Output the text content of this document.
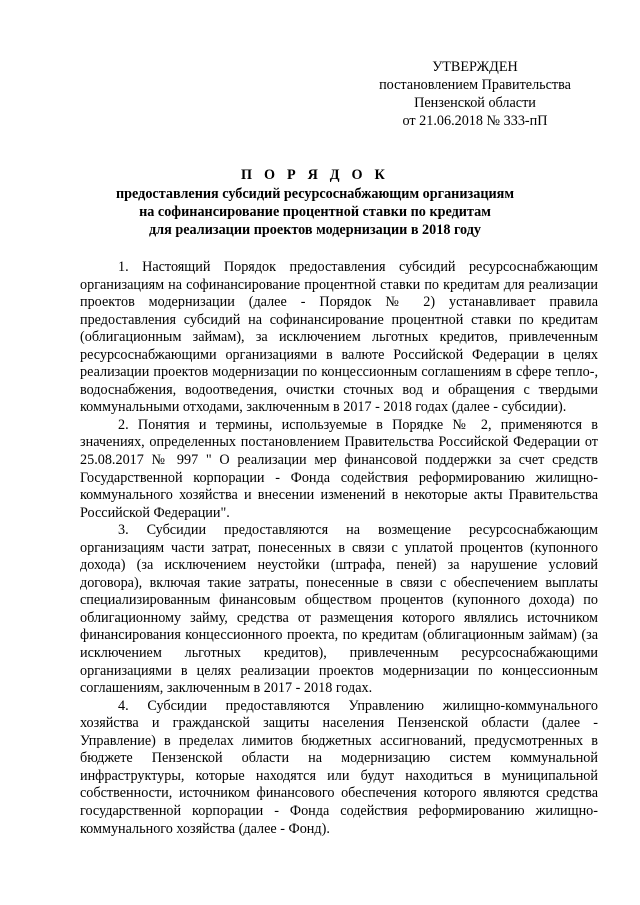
УТВЕРЖДЕН
постановлением Правительства
Пензенской области
от 21.06.2018 № 333-пП
П О Р Я Д О К
предоставления субсидий ресурсоснабжающим организациям
на софинансирование процентной ставки по кредитам
для реализации проектов модернизации в 2018 году

1. Настоящий Порядок предоставления субсидий ресурсоснабжающим организациям на софинансирование процентной ставки по кредитам для реализации проектов модернизации (далее - Порядок № 2) устанавливает правила предоставления субсидий на софинансирование процентной ставки по кредитам (облигационным займам), за исключением льготных кредитов, привлеченным ресурсоснабжающими организациями в валюте Российской Федерации в целях реализации проектов модернизации по концессионным соглашениям в сфере тепло-, водоснабжения, водоотведения, очистки сточных вод и обращения с твердыми коммунальными отходами, заключенным в 2017 - 2018 годах (далее - субсидии).

2. Понятия и термины, используемые в Порядке № 2, применяются в значениях, определенных постановлением Правительства Российской Федерации от 25.08.2017 № 997 " О реализации мер финансовой поддержки за счет средств Государственной корпорации - Фонда содействия реформированию жилищно-коммунального хозяйства и внесении изменений в некоторые акты Правительства Российской Федерации".

3. Субсидии предоставляются на возмещение ресурсоснабжающим организациям части затрат, понесенных в связи с уплатой процентов (купонного дохода) (за исключением неустойки (штрафа, пеней) за нарушение условий договора), включая такие затраты, понесенные в связи с обеспечением выплаты специализированным финансовым обществом процентов (купонного дохода) по облигационному займу, средства от размещения которого являлись источником финансирования концессионного проекта, по кредитам (облигационным займам) (за исключением льготных кредитов), привлеченным ресурсоснабжающими организациями в целях реализации проектов модернизации по концессионным соглашениям, заключенным в 2017 - 2018 годах.

4. Субсидии предоставляются Управлению жилищно-коммунального хозяйства и гражданской защиты населения Пензенской области (далее - Управление) в пределах лимитов бюджетных ассигнований, предусмотренных в бюджете Пензенской области на модернизацию систем коммунальной инфраструктуры, которые находятся или будут находиться в муниципальной собственности, источником финансового обеспечения которого являются средства государственной корпорации - Фонда содействия реформированию жилищно-коммунального хозяйства (далее - Фонд).
